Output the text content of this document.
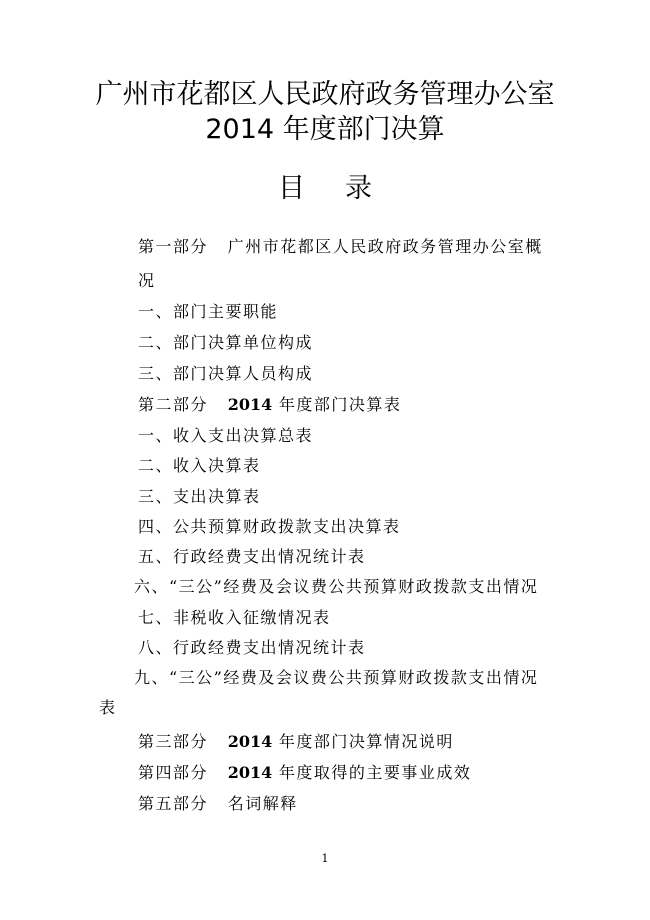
广州市花都区人民政府政务管理办公室
2014 年度部门决算
目录
第一部分 广州市花都区人民政府政务管理办公室概
况
一、部门主要职能
二、部门决算单位构成
三、部门决算人员构成
第二部分 2014 年度部门决算表
一、收入支出决算总表
二、收入决算表
三、支出决算表
四、公共预算财政拨款支出决算表
五、行政经费支出情况统计表
六、“三公”经费及会议费公共预算财政拨款支出情况
七、非税收入征缴情况表
八、行政经费支出情况统计表
九、“三公”经费及会议费公共预算财政拨款支出情况
表
第三部分 2014 年度部门决算情况说明
第四部分 2014 年度取得的主要事业成效
第五部分 名词解释
1
